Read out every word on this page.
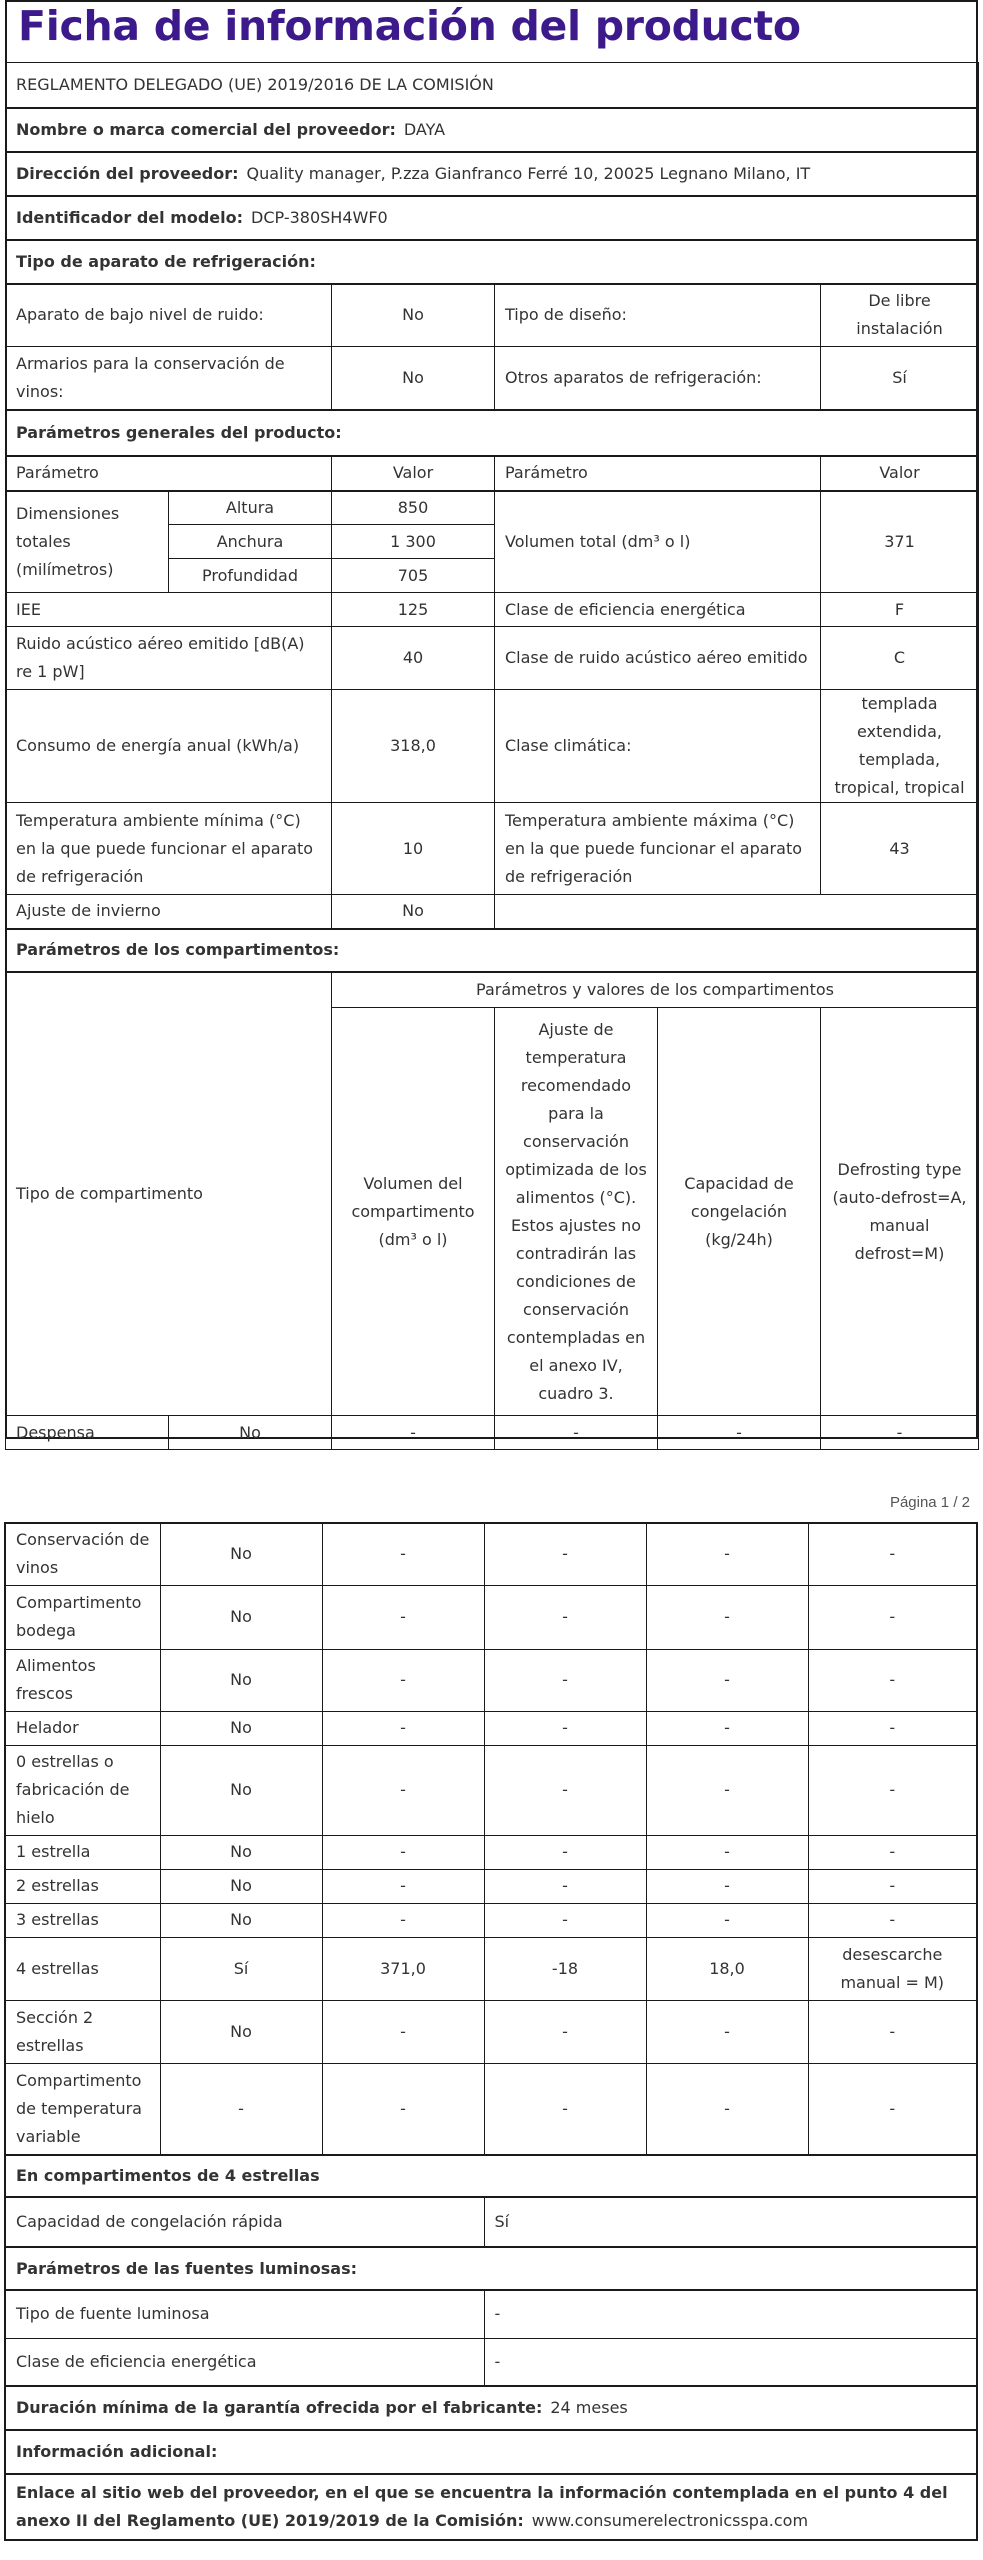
Ficha de información del producto
REGLAMENTO DELEGADO (UE) 2019/2016 DE LA COMISIÓN					
Nombre o marca comercial del proveedor: DAYA					
Dirección del proveedor: Quality manager, P.zza Gianfranco Ferré 10, 20025 Legnano Milano, IT					
Identificador del modelo: DCP-380SH4WF0					
Tipo de aparato de refrigeración:					
Aparato de bajo nivel de ruido:		No	Tipo de diseño:		De libre instalación
Armarios para la conservación de vinos:		No	Otros aparatos de refrigeración:		Sí
Parámetros generales del producto:					
Parámetro		Valor	Parámetro		Valor
Dimensiones totales (milímetros)	Altura	850	Volumen total (dm³ o l)		371
	Anchura	1 300			
	Profundidad	705			
IEE		125	Clase de eficiencia energética		F
Ruido acústico aéreo emitido [dB(A) re 1 pW]		40	Clase de ruido acústico aéreo emitido		C
Consumo de energía anual (kWh/a)		318,0	Clase climática:		templada extendida, templada, tropical, tropical
Temperatura ambiente mínima (°C) en la que puede funcionar el aparato de refrigeración		10	Temperatura ambiente máxima (°C) en la que puede funcionar el aparato de refrigeración		43
Ajuste de invierno		No			
Parámetros de los compartimentos:					
Tipo de compartimento		Parámetros y valores de los compartimentos			
		Volumen del compartimento (dm³ o l)	Ajuste de temperatura recomendado para la conservación optimizada de los alimentos (°C). Estos ajustes no contradirán las condiciones de conservación contempladas en el anexo IV, cuadro 3.	Capacidad de congelación (kg/24h)	Defrosting type (auto-defrost=A, manual defrost=M)
Despensa	No	-	-	-	-
Página 1 / 2
Conservación de vinos	No	-	-	-	-
Compartimento bodega	No	-	-	-	-
Alimentos frescos	No	-	-	-	-
Helador	No	-	-	-	-
0 estrellas o fabricación de hielo	No	-	-	-	-
1 estrella	No	-	-	-	-
2 estrellas	No	-	-	-	-
3 estrellas	No	-	-	-	-
4 estrellas	Sí	371,0	-18	18,0	desescarche manual = M)
Sección 2 estrellas	No	-	-	-	-
Compartimento de temperatura variable	-	-	-	-	-
En compartimentos de 4 estrellas					
Capacidad de congelación rápida			Sí		
Parámetros de las fuentes luminosas:					
Tipo de fuente luminosa			-		
Clase de eficiencia energética			-		
Duración mínima de la garantía ofrecida por el fabricante: 24 meses					
Información adicional:					
Enlace al sitio web del proveedor, en el que se encuentra la información contemplada en el punto 4 del anexo II del Reglamento (UE) 2019/2019 de la Comisión: www.consumerelectronicsspa.com					
